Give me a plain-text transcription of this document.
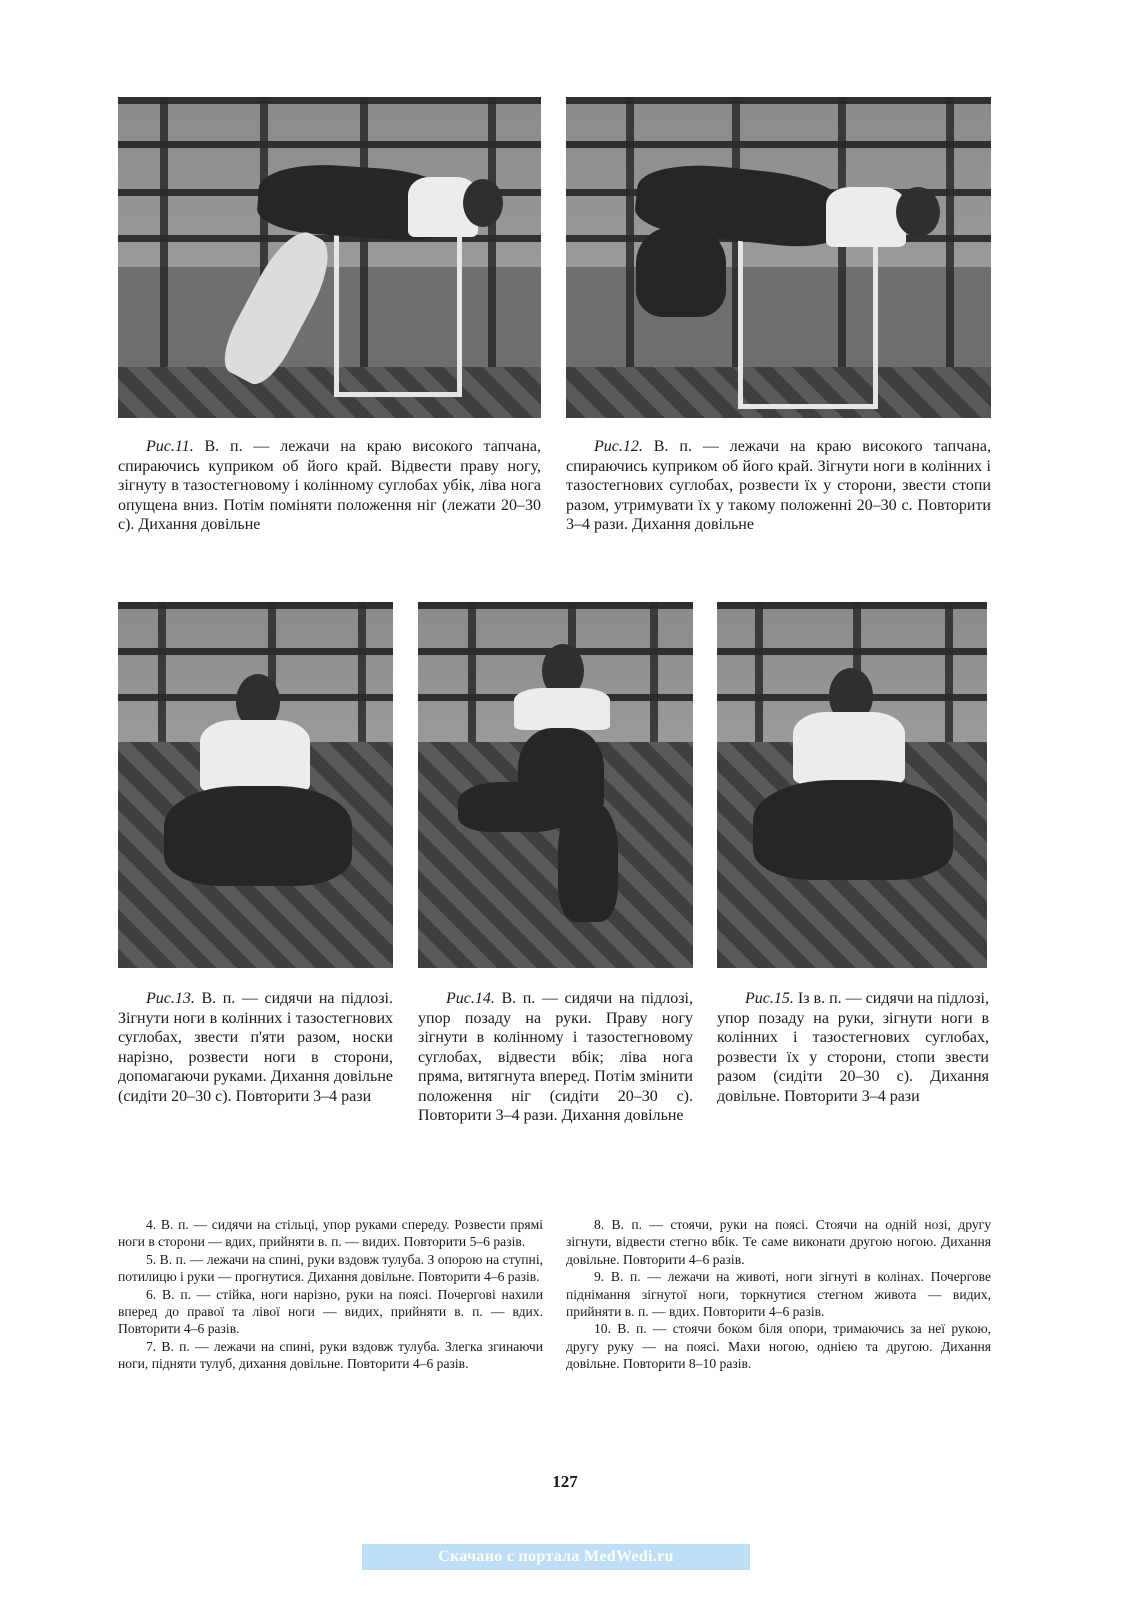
Рис.11. В. п. — лежачи на краю високого тапчана, спираючись куприком об його край. Відвести праву ногу, зігнуту в тазостегновому і колінному суглобах убік, ліва нога опущена вниз. Потім поміняти положення ніг (лежати 20–30 с). Дихання довільне
Рис.12. В. п. — лежачи на краю високого тапчана, спираючись куприком об його край. Зігнути ноги в колінних і тазостегнових суглобах, розвести їх у сторони, звести стопи разом, утримувати їх у такому положенні 20–30 с. Повторити 3–4 рази. Дихання довільне
Рис.13. В. п. — сидячи на підлозі. Зігнути ноги в колінних і тазостегнових суглобах, звести п'яти разом, носки нарізно, розвести ноги в сторони, допомагаючи руками. Дихання довільне (сидіти 20–30 с). Повторити 3–4 рази
Рис.14. В. п. — сидячи на підлозі, упор позаду на руки. Праву ногу зігнути в колінному і тазостегновому суглобах, відвести вбік; ліва нога пряма, витягнута вперед. Потім змінити положення ніг (сидіти 20–30 с). Повторити 3–4 рази. Дихання довільне
Рис.15. Із в. п. — сидячи на підлозі, упор позаду на руки, зігнути ноги в колінних і тазостегнових суглобах, розвести їх у сторони, стопи звести разом (сидіти 20–30 с). Дихання довільне. Повторити 3–4 рази

4. В. п. — сидячи на стільці, упор руками спереду. Розвести прямі ноги в сторони — вдих, прийняти в. п. — видих. Повторити 5–6 разів.

5. В. п. — лежачи на спині, руки вздовж тулуба. З опорою на ступні, потилицю і руки — прогнутися. Дихання довільне. Повторити 4–6 разів.

6. В. п. — стійка, ноги нарізно, руки на поясі. Почергові нахили вперед до правої та лівої ноги — видих, прийняти в. п. — вдих. Повторити 4–6 разів.

7. В. п. — лежачи на спині, руки вздовж тулуба. Злегка згинаючи ноги, підняти тулуб, дихання довільне. Повторити 4–6 разів.

8. В. п. — стоячи, руки на поясі. Стоячи на одній нозі, другу зігнути, відвести стегно вбік. Те саме виконати другою ногою. Дихання довільне. Повторити 4–6 разів.

9. В. п. — лежачи на животі, ноги зігнуті в колінах. Почергове піднімання зігнутої ноги, торкнутися стегном живота — видих, прийняти в. п. — вдих. Повторити 4–6 разів.

10. В. п. — стоячи боком біля опори, тримаючись за неї рукою, другу руку — на поясі. Махи ногою, однією та другою. Дихання довільне. Повторити 8–10 разів.

127
Скачано с портала MedWedi.ru
